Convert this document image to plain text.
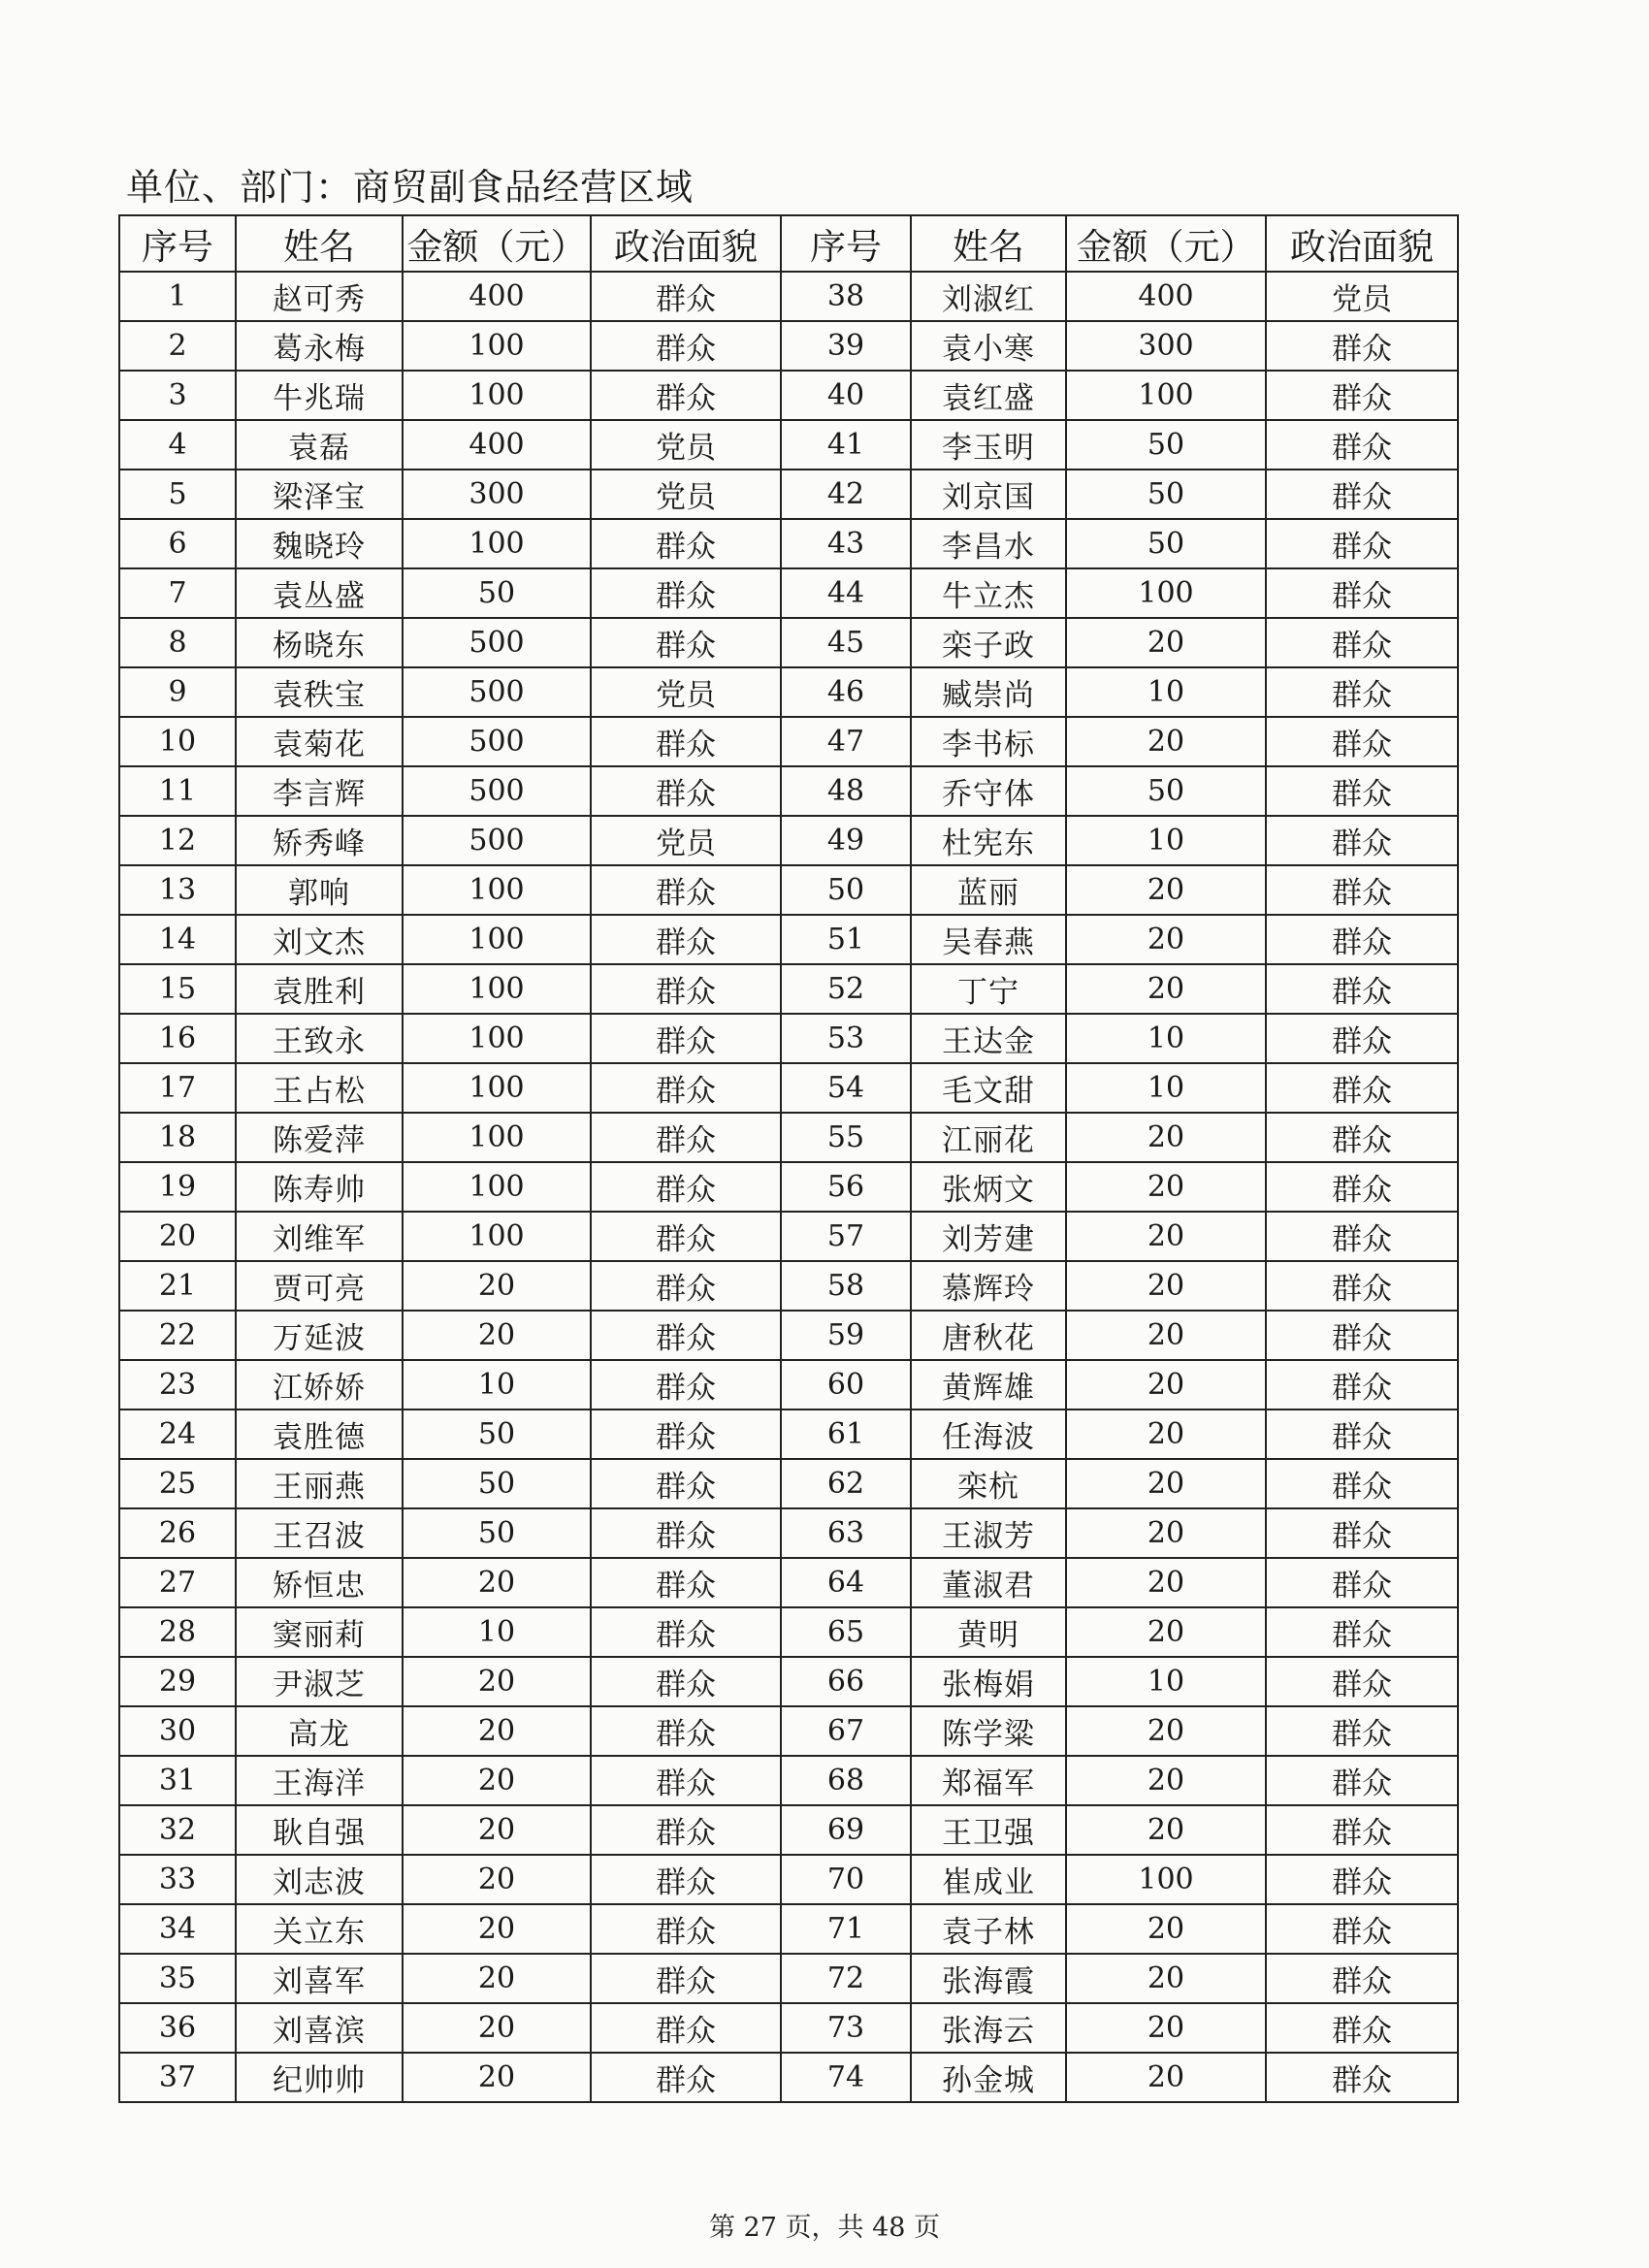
单位、部门：商贸副食品经营区域
序号	姓名	金额（元）	政治面貌	序号	姓名	金额（元）	政治面貌
1	赵可秀	400	群众	38	刘淑红	400	党员
2	葛永梅	100	群众	39	袁小寒	300	群众
3	牛兆瑞	100	群众	40	袁红盛	100	群众
4	袁磊	400	党员	41	李玉明	50	群众
5	梁泽宝	300	党员	42	刘京国	50	群众
6	魏晓玲	100	群众	43	李昌水	50	群众
7	袁丛盛	50	群众	44	牛立杰	100	群众
8	杨晓东	500	群众	45	栾子政	20	群众
9	袁秩宝	500	党员	46	臧崇尚	10	群众
10	袁菊花	500	群众	47	李书标	20	群众
11	李言辉	500	群众	48	乔守体	50	群众
12	矫秀峰	500	党员	49	杜宪东	10	群众
13	郭响	100	群众	50	蓝丽	20	群众
14	刘文杰	100	群众	51	吴春燕	20	群众
15	袁胜利	100	群众	52	丁宁	20	群众
16	王致永	100	群众	53	王达金	10	群众
17	王占松	100	群众	54	毛文甜	10	群众
18	陈爱萍	100	群众	55	江丽花	20	群众
19	陈寿帅	100	群众	56	张炳文	20	群众
20	刘维军	100	群众	57	刘芳建	20	群众
21	贾可亮	20	群众	58	慕辉玲	20	群众
22	万延波	20	群众	59	唐秋花	20	群众
23	江娇娇	10	群众	60	黄辉雄	20	群众
24	袁胜德	50	群众	61	任海波	20	群众
25	王丽燕	50	群众	62	栾杭	20	群众
26	王召波	50	群众	63	王淑芳	20	群众
27	矫恒忠	20	群众	64	董淑君	20	群众
28	窦丽莉	10	群众	65	黄明	20	群众
29	尹淑芝	20	群众	66	张梅娟	10	群众
30	高龙	20	群众	67	陈学粱	20	群众
31	王海洋	20	群众	68	郑福军	20	群众
32	耿自强	20	群众	69	王卫强	20	群众
33	刘志波	20	群众	70	崔成业	100	群众
34	关立东	20	群众	71	袁子林	20	群众
35	刘喜军	20	群众	72	张海霞	20	群众
36	刘喜滨	20	群众	73	张海云	20	群众
37	纪帅帅	20	群众	74	孙金城	20	群众
第 27 页，共 48 页
